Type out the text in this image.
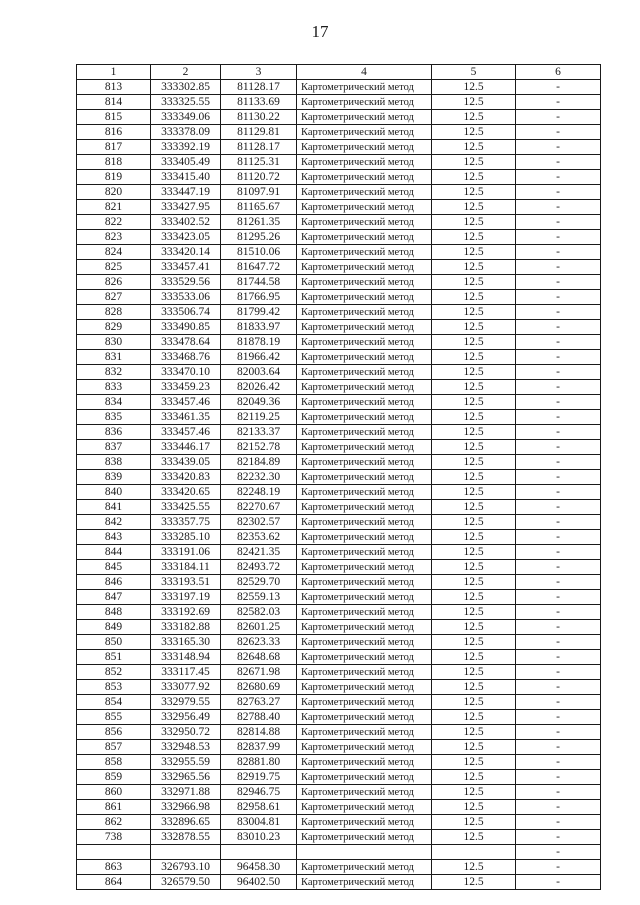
17
1	2	3	4	5	6
813	333302.85	81128.17	Картометрический метод	12.5	-
814	333325.55	81133.69	Картометрический метод	12.5	-
815	333349.06	81130.22	Картометрический метод	12.5	-
816	333378.09	81129.81	Картометрический метод	12.5	-
817	333392.19	81128.17	Картометрический метод	12.5	-
818	333405.49	81125.31	Картометрический метод	12.5	-
819	333415.40	81120.72	Картометрический метод	12.5	-
820	333447.19	81097.91	Картометрический метод	12.5	-
821	333427.95	81165.67	Картометрический метод	12.5	-
822	333402.52	81261.35	Картометрический метод	12.5	-
823	333423.05	81295.26	Картометрический метод	12.5	-
824	333420.14	81510.06	Картометрический метод	12.5	-
825	333457.41	81647.72	Картометрический метод	12.5	-
826	333529.56	81744.58	Картометрический метод	12.5	-
827	333533.06	81766.95	Картометрический метод	12.5	-
828	333506.74	81799.42	Картометрический метод	12.5	-
829	333490.85	81833.97	Картометрический метод	12.5	-
830	333478.64	81878.19	Картометрический метод	12.5	-
831	333468.76	81966.42	Картометрический метод	12.5	-
832	333470.10	82003.64	Картометрический метод	12.5	-
833	333459.23	82026.42	Картометрический метод	12.5	-
834	333457.46	82049.36	Картометрический метод	12.5	-
835	333461.35	82119.25	Картометрический метод	12.5	-
836	333457.46	82133.37	Картометрический метод	12.5	-
837	333446.17	82152.78	Картометрический метод	12.5	-
838	333439.05	82184.89	Картометрический метод	12.5	-
839	333420.83	82232.30	Картометрический метод	12.5	-
840	333420.65	82248.19	Картометрический метод	12.5	-
841	333425.55	82270.67	Картометрический метод	12.5	-
842	333357.75	82302.57	Картометрический метод	12.5	-
843	333285.10	82353.62	Картометрический метод	12.5	-
844	333191.06	82421.35	Картометрический метод	12.5	-
845	333184.11	82493.72	Картометрический метод	12.5	-
846	333193.51	82529.70	Картометрический метод	12.5	-
847	333197.19	82559.13	Картометрический метод	12.5	-
848	333192.69	82582.03	Картометрический метод	12.5	-
849	333182.88	82601.25	Картометрический метод	12.5	-
850	333165.30	82623.33	Картометрический метод	12.5	-
851	333148.94	82648.68	Картометрический метод	12.5	-
852	333117.45	82671.98	Картометрический метод	12.5	-
853	333077.92	82680.69	Картометрический метод	12.5	-
854	332979.55	82763.27	Картометрический метод	12.5	-
855	332956.49	82788.40	Картометрический метод	12.5	-
856	332950.72	82814.88	Картометрический метод	12.5	-
857	332948.53	82837.99	Картометрический метод	12.5	-
858	332955.59	82881.80	Картометрический метод	12.5	-
859	332965.56	82919.75	Картометрический метод	12.5	-
860	332971.88	82946.75	Картометрический метод	12.5	-
861	332966.98	82958.61	Картометрический метод	12.5	-
862	332896.65	83004.81	Картометрический метод	12.5	-
738	332878.55	83010.23	Картометрический метод	12.5	-
					-
863	326793.10	96458.30	Картометрический метод	12.5	-
864	326579.50	96402.50	Картометрический метод	12.5	-
